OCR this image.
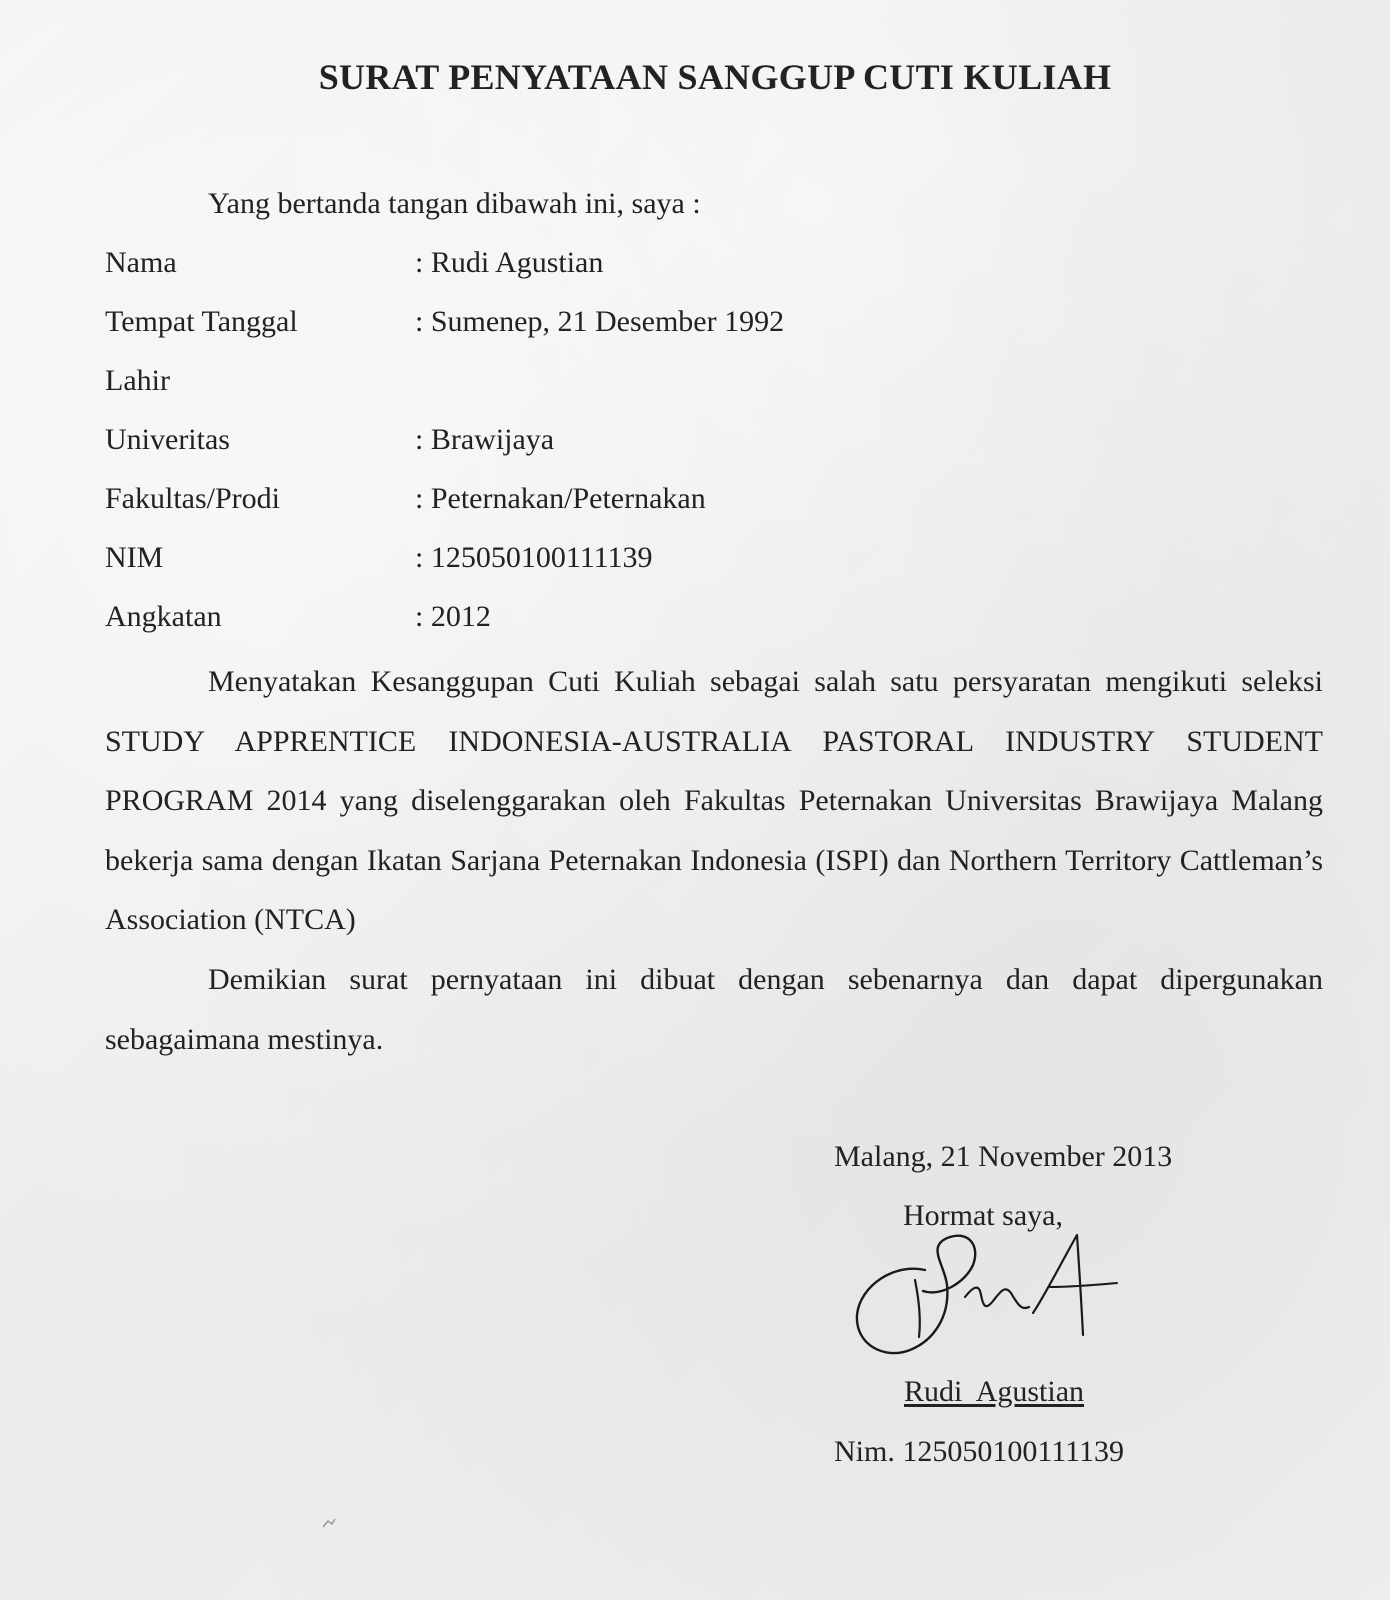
SURAT PENYATAAN SANGGUP CUTI KULIAH

Yang bertanda tangan dibawah ini, saya :

Nama	: Rudi Agustian
Tempat Tanggal	: Sumenep, 21 Desember 1992
Lahir
Univeritas	: Brawijaya
Fakultas/Prodi	: Peternakan/Peternakan
NIM	: 125050100111139
Angkatan	: 2012

Menyatakan Kesanggupan Cuti Kuliah sebagai salah satu persyaratan mengikuti seleksi STUDY APPRENTICE INDONESIA-AUSTRALIA PASTORAL INDUSTRY STUDENT PROGRAM 2014 yang diselenggarakan oleh Fakultas Peternakan Universitas Brawijaya Malang bekerja sama dengan Ikatan Sarjana Peternakan Indonesia (ISPI) dan Northern Territory Cattleman’s Association (NTCA)

Demikian surat pernyataan ini dibuat dengan sebenarnya dan dapat dipergunakan sebagaimana mestinya.

Malang, 21 November 2013

Hormat saya,

Rudi  Agustian

Nim. 125050100111139
